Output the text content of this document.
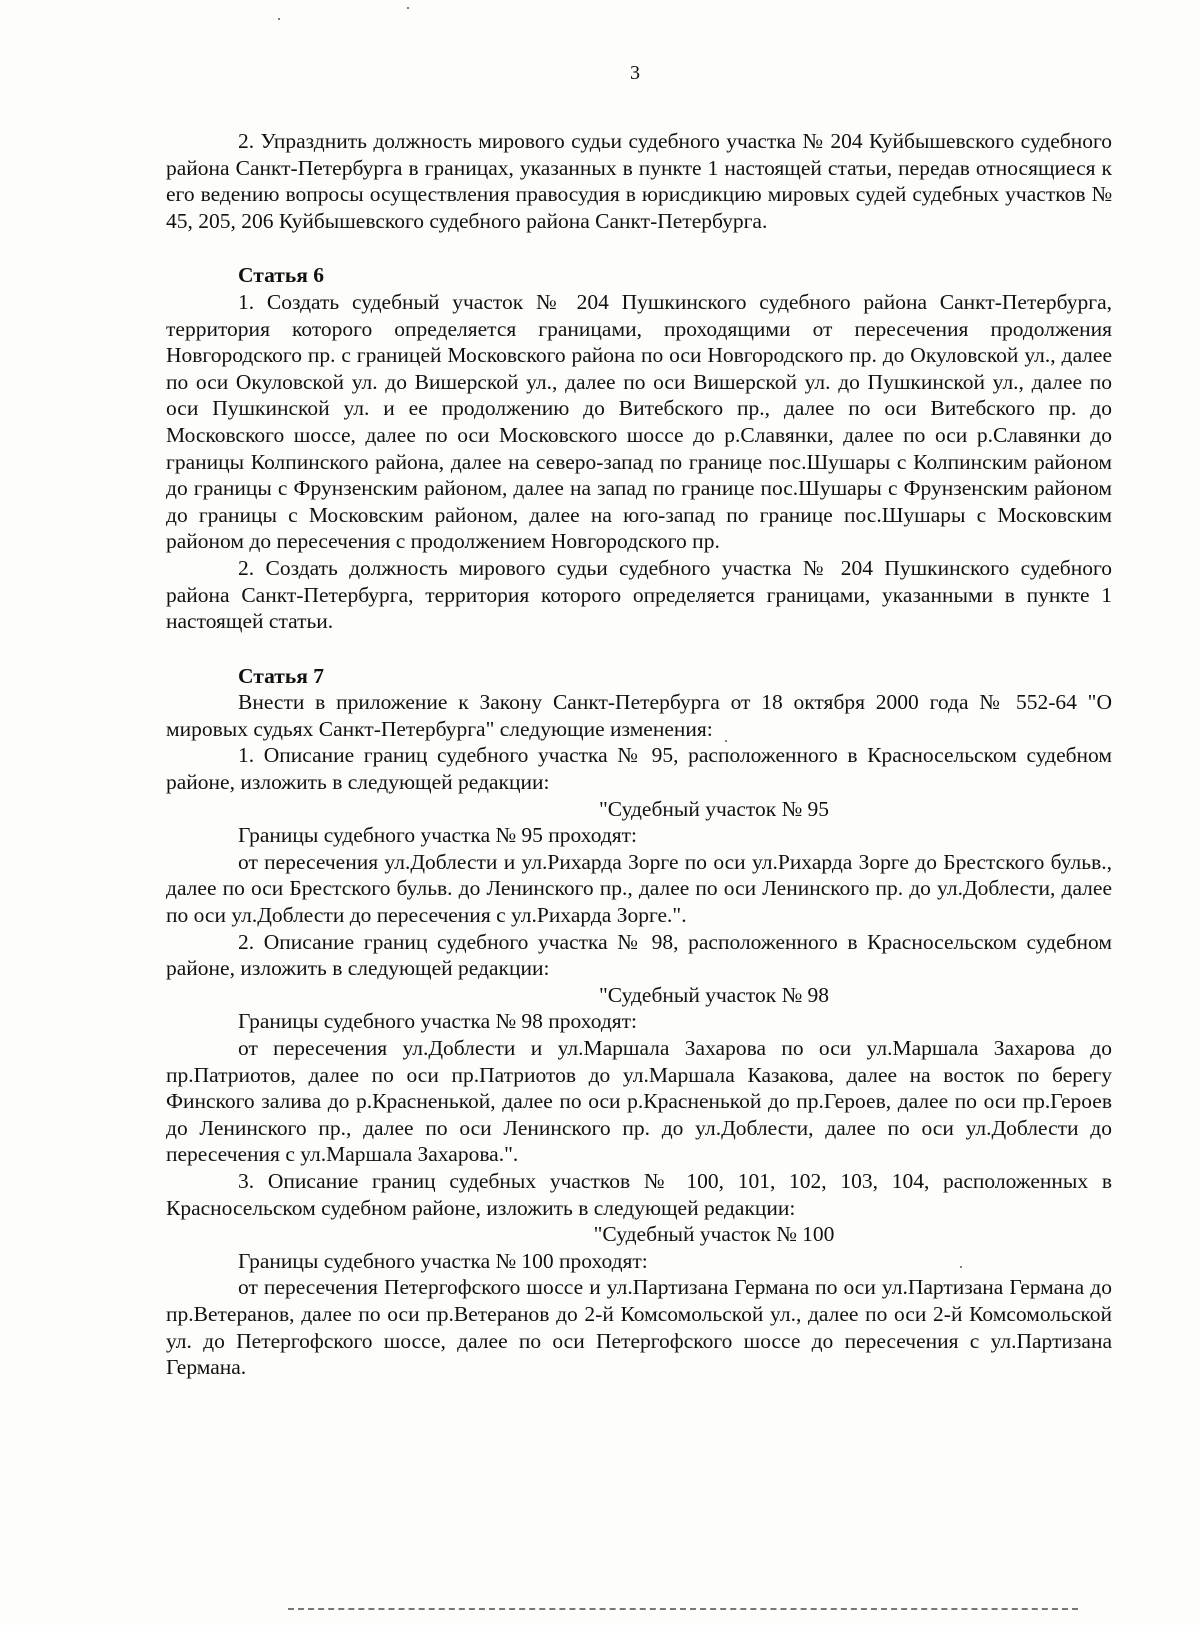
3

2. Упразднить должность мирового судьи судебного участка № 204 Куйбышевского судебного района Санкт-Петербурга в границах, указанных в пункте 1 настоящей статьи, передав относящиеся к его ведению вопросы осуществления правосудия в юрисдикцию мировых судей судебных участков № 45, 205, 206 Куйбышевского судебного района Санкт-Петербурга.

Статья 6

1. Создать судебный участок № 204 Пушкинского судебного района Санкт-Петербурга, территория которого определяется границами, проходящими от пересечения продолжения Новгородского пр. с границей Московского района по оси Новгородского пр. до Окуловской ул., далее по оси Окуловской ул. до Вишерской ул., далее по оси Вишерской ул. до Пушкинской ул., далее по оси Пушкинской ул. и ее продолжению до Витебского пр., далее по оси Витебского пр. до Московского шоссе, далее по оси Московского шоссе до р.Славянки, далее по оси р.Славянки до границы Колпинского района, далее на северо-запад по границе пос.Шушары с Колпинским районом до границы с Фрунзенским районом, далее на запад по границе пос.Шушары с Фрунзенским районом до границы с Московским районом, далее на юго-запад по границе пос.Шушары с Московским районом до пересечения с продолжением Новгородского пр.

2. Создать должность мирового судьи судебного участка № 204 Пушкинского судебного района Санкт-Петербурга, территория которого определяется границами, указанными в пункте 1 настоящей статьи.

Статья 7

Внести в приложение к Закону Санкт-Петербурга от 18 октября 2000 года № 552-64 "О мировых судьях Санкт-Петербурга" следующие изменения:

1. Описание границ судебного участка № 95, расположенного в Красносельском судебном районе, изложить в следующей редакции:

"Судебный участок № 95

Границы судебного участка № 95 проходят:

от пересечения ул.Доблести и ул.Рихарда Зорге по оси ул.Рихарда Зорге до Брестского бульв., далее по оси Брестского бульв. до Ленинского пр., далее по оси Ленинского пр. до ул.Доблести, далее по оси ул.Доблести до пересечения с ул.Рихарда Зорге.".

2. Описание границ судебного участка № 98, расположенного в Красносельском судебном районе, изложить в следующей редакции:

"Судебный участок № 98

Границы судебного участка № 98 проходят:

от пересечения ул.Доблести и ул.Маршала Захарова по оси ул.Маршала Захарова до пр.Патриотов, далее по оси пр.Патриотов до ул.Маршала Казакова, далее на восток по берегу Финского залива до р.Красненькой, далее по оси р.Красненькой до пр.Героев, далее по оси пр.Героев до Ленинского пр., далее по оси Ленинского пр. до ул.Доблести, далее по оси ул.Доблести до пересечения с ул.Маршала Захарова.".

3. Описание границ судебных участков № 100, 101, 102, 103, 104, расположенных в Красносельском судебном районе, изложить в следующей редакции:

"Судебный участок № 100

Границы судебного участка № 100 проходят:

от пересечения Петергофского шоссе и ул.Партизана Германа по оси ул.Партизана Германа до пр.Ветеранов, далее по оси пр.Ветеранов до 2-й Комсомольской ул., далее по оси 2-й Комсомольской ул. до Петергофского шоссе, далее по оси Петергофского шоссе до пересечения с ул.Партизана Германа.
